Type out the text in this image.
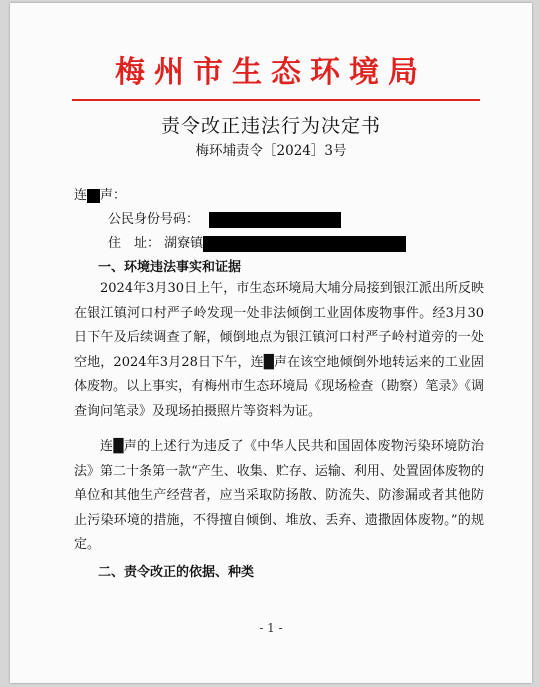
梅州市生态环境局
责令改正违法行为决定书
梅环埔责令［2024］3号
连 声：
公民身份号码：
住　址： 湖寮镇
一、环境违法事实和证据
2024年3月30日上午，市生态环境局大埔分局接到银江派出所反映在银江镇河口村严子岭发现一处非法倾倒工业固体废物事件。经3月30日下午及后续调查了解，倾倒地点为银江镇河口村严子岭村道旁的一处空地，2024年3月28日下午，连█声在该空地倾倒外地转运来的工业固体废物。以上事实，有梅州市生态环境局《现场检查（勘察）笔录》《调查询问笔录》及现场拍摄照片等资料为证。
连█声的上述行为违反了《中华人民共和国固体废物污染环境防治法》第二十条第一款“产生、收集、贮存、运输、利用、处置固体废物的单位和其他生产经营者，应当采取防扬散、防流失、防渗漏或者其他防止污染环境的措施，不得擅自倾倒、堆放、丢弃、遗撒固体废物。”的规定。
二、责令改正的依据、种类
- 1 -
